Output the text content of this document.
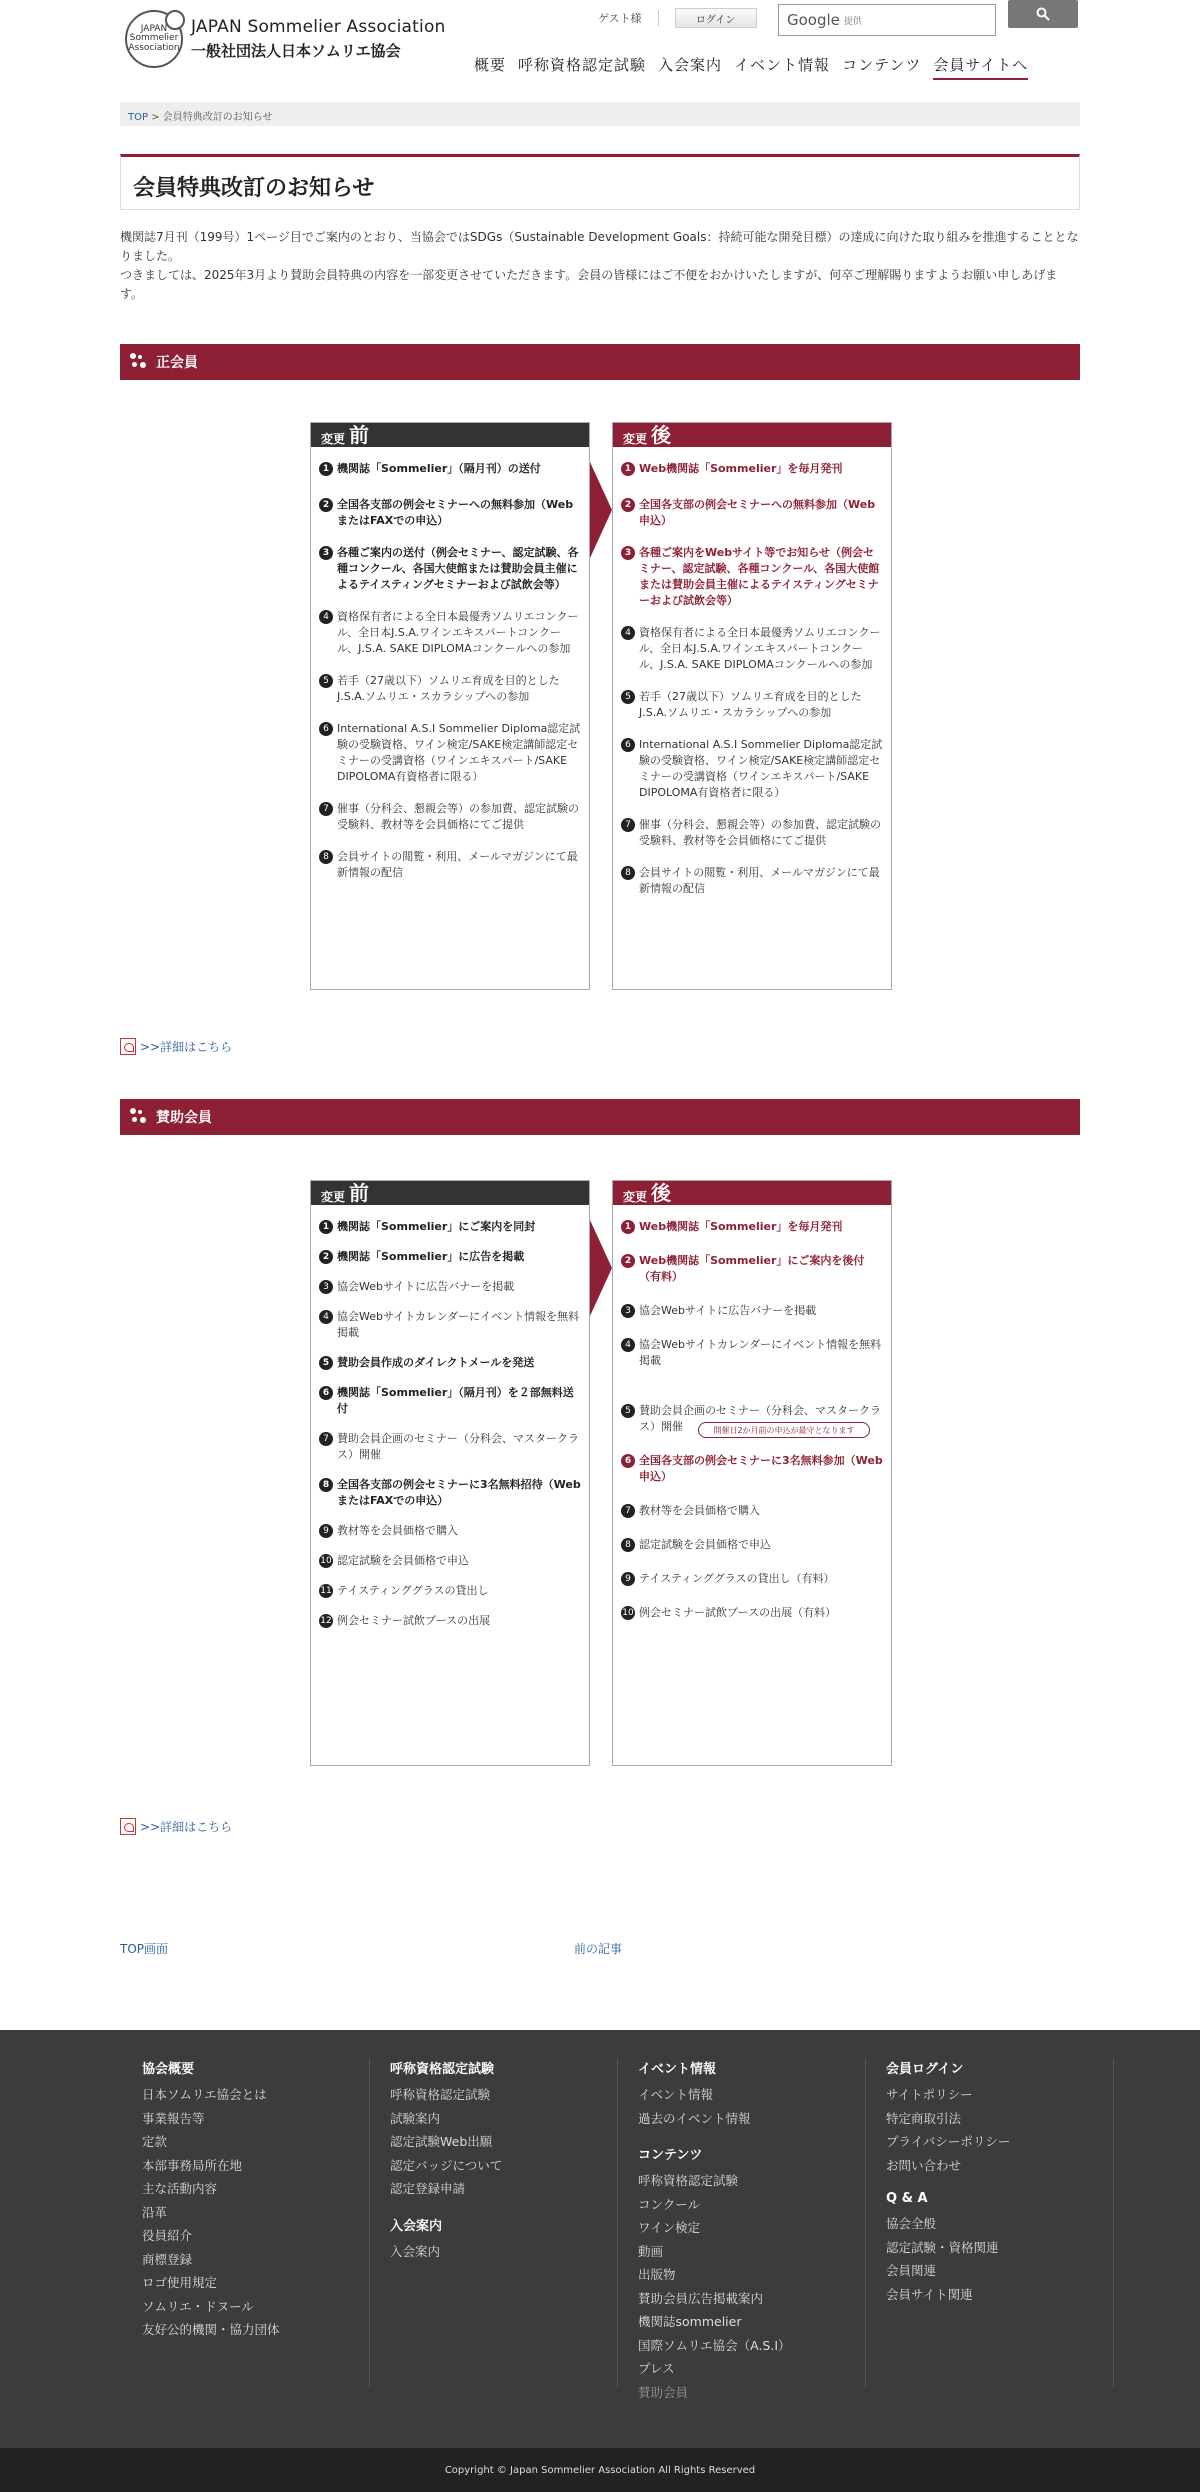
JAPAN
Sommelier
Association
JAPAN Sommelier Association
一般社団法人日本ソムリエ協会
ゲスト様	ログイン	Google 提供
概要 呼称資格認定試験 入会案内 イベント情報 コンテンツ 会員サイトへ
TOP > 会員特典改訂のお知らせ
会員特典改訂のお知らせ

機関誌7月刊（199号）1ページ目でご案内のとおり、当協会ではSDGs（Sustainable Development Goals：持続可能な開発目標）の達成に向けた取り組みを推進することとなりました。

つきましては、2025年3月より賛助会員特典の内容を一部変更させていただきます。会員の皆様にはご不便をおかけいたしますが、何卒ご理解賜りますようお願い申しあげます。

正会員
変更 前
1 機関誌「Sommelier」（隔月刊）の送付
2 全国各支部の例会セミナーへの無料参加（WebまたはFAXでの申込）
3 各種ご案内の送付（例会セミナー、認定試験、各種コンクール、各国大使館または賛助会員主催によるテイスティングセミナーおよび試飲会等）
4 資格保有者による全日本最優秀ソムリエコンクール、全日本J.S.A.ワインエキスパートコンクール、J.S.A. SAKE DIPLOMAコンクールへの参加
5 若手（27歳以下）ソムリエ育成を目的としたJ.S.A.ソムリエ・スカラシップへの参加
6 International A.S.I Sommelier Diploma認定試験の受験資格、ワイン検定/SAKE検定講師認定セミナーの受講資格（ワインエキスパート/SAKE DIPOLOMA有資格者に限る）
7 催事（分科会、懇親会等）の参加費、認定試験の受験料、教材等を会員価格にてご提供
8 会員サイトの閲覧・利用、メールマガジンにて最新情報の配信
変更 後
1 Web機関誌「Sommelier」を毎月発刊
2 全国各支部の例会セミナーへの無料参加（Web申込）
3 各種ご案内をWebサイト等でお知らせ（例会セミナー、認定試験、各種コンクール、各国大使館または賛助会員主催によるテイスティングセミナーおよび試飲会等）
4 資格保有者による全日本最優秀ソムリエコンクール、全日本J.S.A.ワインエキスパートコンクール、J.S.A. SAKE DIPLOMAコンクールへの参加
5 若手（27歳以下）ソムリエ育成を目的としたJ.S.A.ソムリエ・スカラシップへの参加
6 International A.S.I Sommelier Diploma認定試験の受験資格、ワイン検定/SAKE検定講師認定セミナーの受講資格（ワインエキスパート/SAKE DIPOLOMA有資格者に限る）
7 催事（分科会、懇親会等）の参加費、認定試験の受験料、教材等を会員価格にてご提供
8 会員サイトの閲覧・利用、メールマガジンにて最新情報の配信
>>詳細はこちら
賛助会員
変更 前
1 機関誌「Sommelier」にご案内を同封
2 機関誌「Sommelier」に広告を掲載
3 協会Webサイトに広告バナーを掲載
4 協会Webサイトカレンダーにイベント情報を無料掲載
5 賛助会員作成のダイレクトメールを発送
6 機関誌「Sommelier」（隔月刊）を２部無料送付
7 賛助会員企画のセミナー（分科会、マスタークラス）開催
8 全国各支部の例会セミナーに3名無料招待（WebまたはFAXでの申込）
9 教材等を会員価格で購入
10 認定試験を会員価格で申込
11 テイスティンググラスの貸出し
12 例会セミナー試飲ブースの出展
変更 後
1 Web機関誌「Sommelier」を毎月発刊
2 Web機関誌「Sommelier」にご案内を後付（有料）
3 協会Webサイトに広告バナーを掲載
4 協会Webサイトカレンダーにイベント情報を無料掲載
5 賛助会員企画のセミナー（分科会、マスタークラス）開催
6 全国各支部の例会セミナーに3名無料参加（Web申込）
7 教材等を会員価格で購入
8 認定試験を会員価格で申込
9 テイスティンググラスの貸出し（有料）
10 例会セミナー試飲ブースの出展（有料）
開催日2か月前の申込が最守となります
>>詳細はこちら
TOP画面	前の記事
協会概要
日本ソムリエ協会とは
事業報告等
定款
本部事務局所在地
主な活動内容
沿革
役員紹介
商標登録
ロゴ使用規定
ソムリエ・ドヌール
友好公的機関・協力団体
呼称資格認定試験
呼称資格認定試験
試験案内
認定試験Web出願
認定バッジについて
認定登録申請
入会案内
入会案内
イベント情報
イベント情報
過去のイベント情報
コンテンツ
呼称資格認定試験
コンクール
ワイン検定
動画
出版物
賛助会員広告掲載案内
機関誌sommelier
国際ソムリエ協会（A.S.I）
プレス
賛助会員
会員ログイン
サイトポリシー
特定商取引法
プライバシーポリシー
お問い合わせ
Q & A
協会全般
認定試験・資格関連
会員関連
会員サイト関連
Copyright © Japan Sommelier Association All Rights Reserved
